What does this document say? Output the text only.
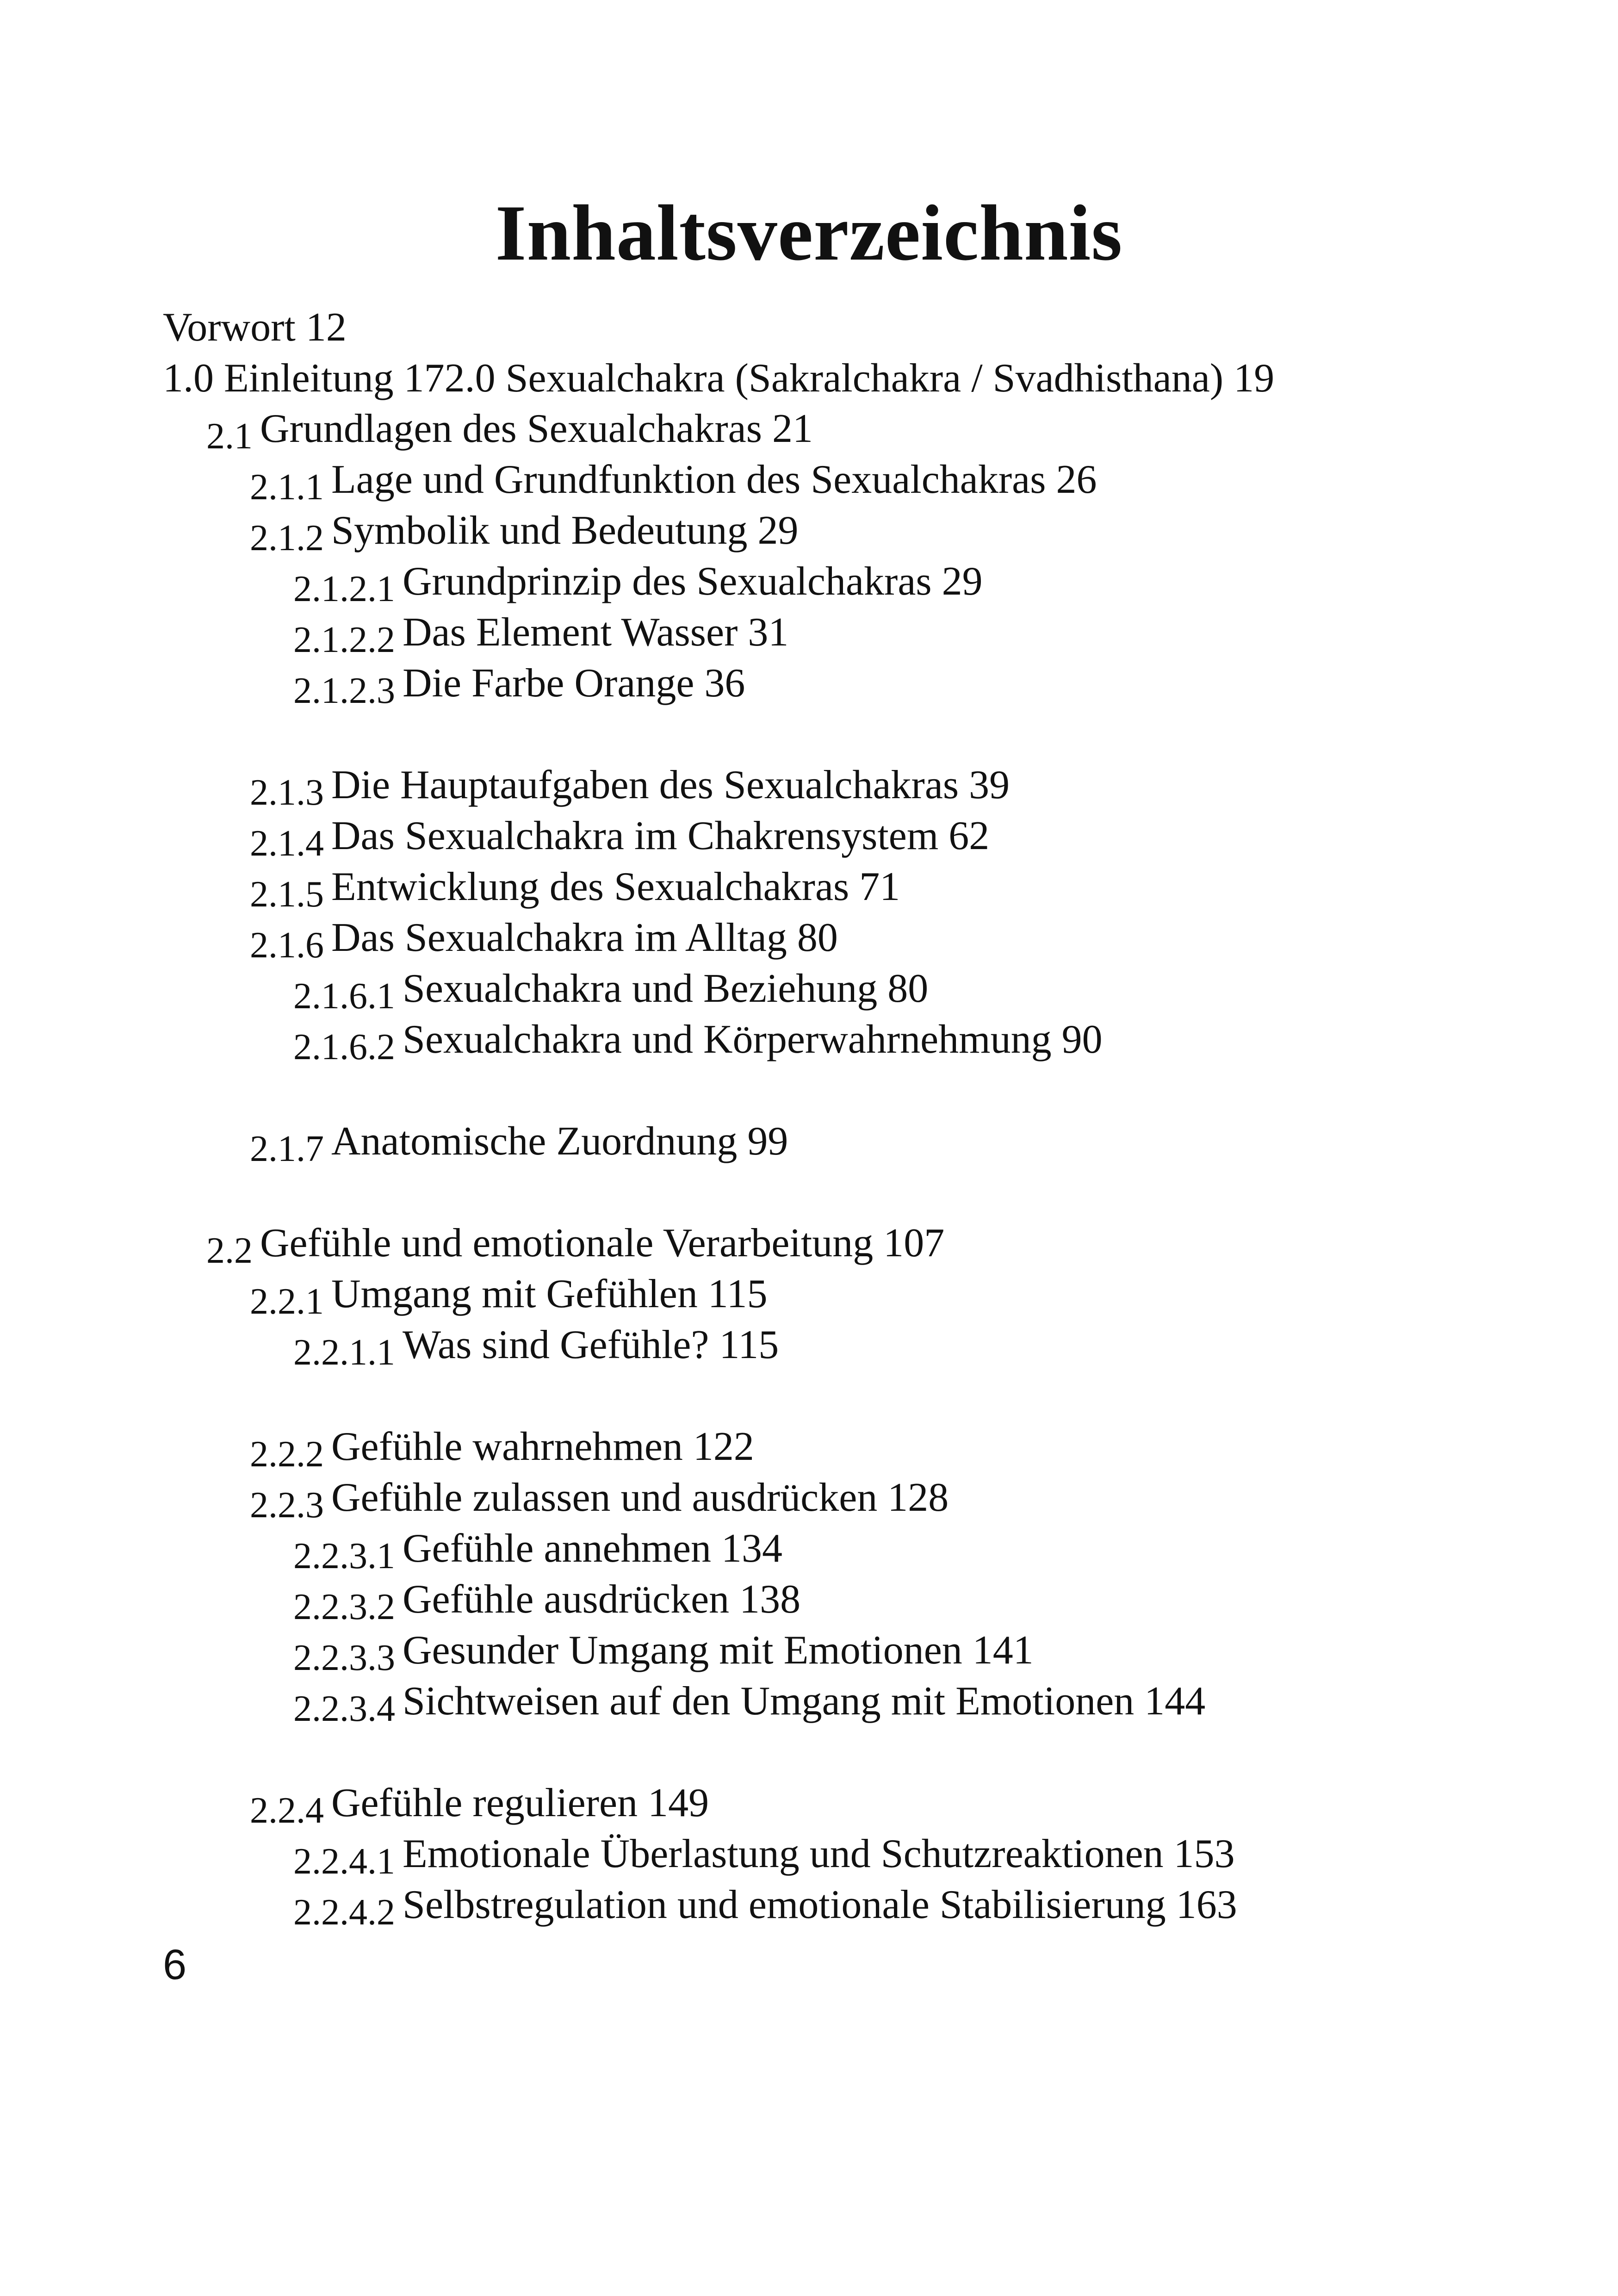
Inhaltsverzeichnis
Vorwort 12
1.0 Einleitung 172.0 Sexualchakra (Sakralchakra / Svadhisthana) 19
2.1 Grundlagen des Sexualchakras 21
2.1.1 Lage und Grundfunktion des Sexualchakras 26
2.1.2 Symbolik und Bedeutung 29
2.1.2.1 Grundprinzip des Sexualchakras 29
2.1.2.2 Das Element Wasser 31
2.1.2.3 Die Farbe Orange 36
2.1.3 Die Hauptaufgaben des Sexualchakras 39
2.1.4 Das Sexualchakra im Chakrensystem 62
2.1.5 Entwicklung des Sexualchakras 71
2.1.6 Das Sexualchakra im Alltag 80
2.1.6.1 Sexualchakra und Beziehung 80
2.1.6.2 Sexualchakra und Körperwahrnehmung 90
2.1.7 Anatomische Zuordnung 99
2.2 Gefühle und emotionale Verarbeitung 107
2.2.1 Umgang mit Gefühlen 115
2.2.1.1 Was sind Gefühle? 115
2.2.2 Gefühle wahrnehmen 122
2.2.3 Gefühle zulassen und ausdrücken 128
2.2.3.1 Gefühle annehmen 134
2.2.3.2 Gefühle ausdrücken 138
2.2.3.3 Gesunder Umgang mit Emotionen 141
2.2.3.4 Sichtweisen auf den Umgang mit Emotionen 144
2.2.4 Gefühle regulieren 149
2.2.4.1 Emotionale Überlastung und Schutzreaktionen 153
2.2.4.2 Selbstregulation und emotionale Stabilisierung 163
6
